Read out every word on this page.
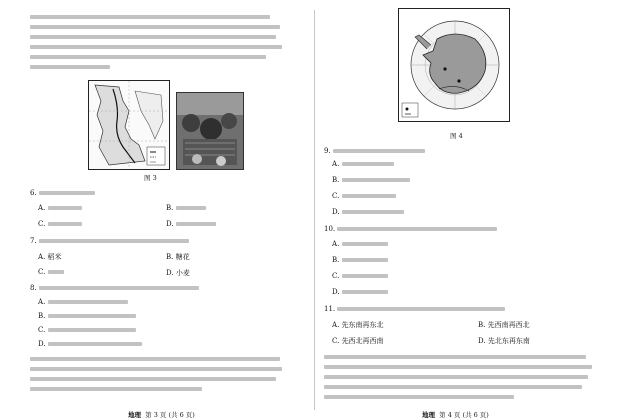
图 3
6.
A.	B.
C.	D.
7.
A. 稻米	B. 糖花
C.	D. 小麦
8.
A.
B.
C.
D.
地理 第 3 页 (共 6 页)
图 4
9.
A.
B.
C.
D.
10.
A.
B.
C.
D.
11.
A. 先东南再东北	B. 先西南再西北
C. 先西北再西南	D. 先北东再东南
地理 第 4 页 (共 6 页)
